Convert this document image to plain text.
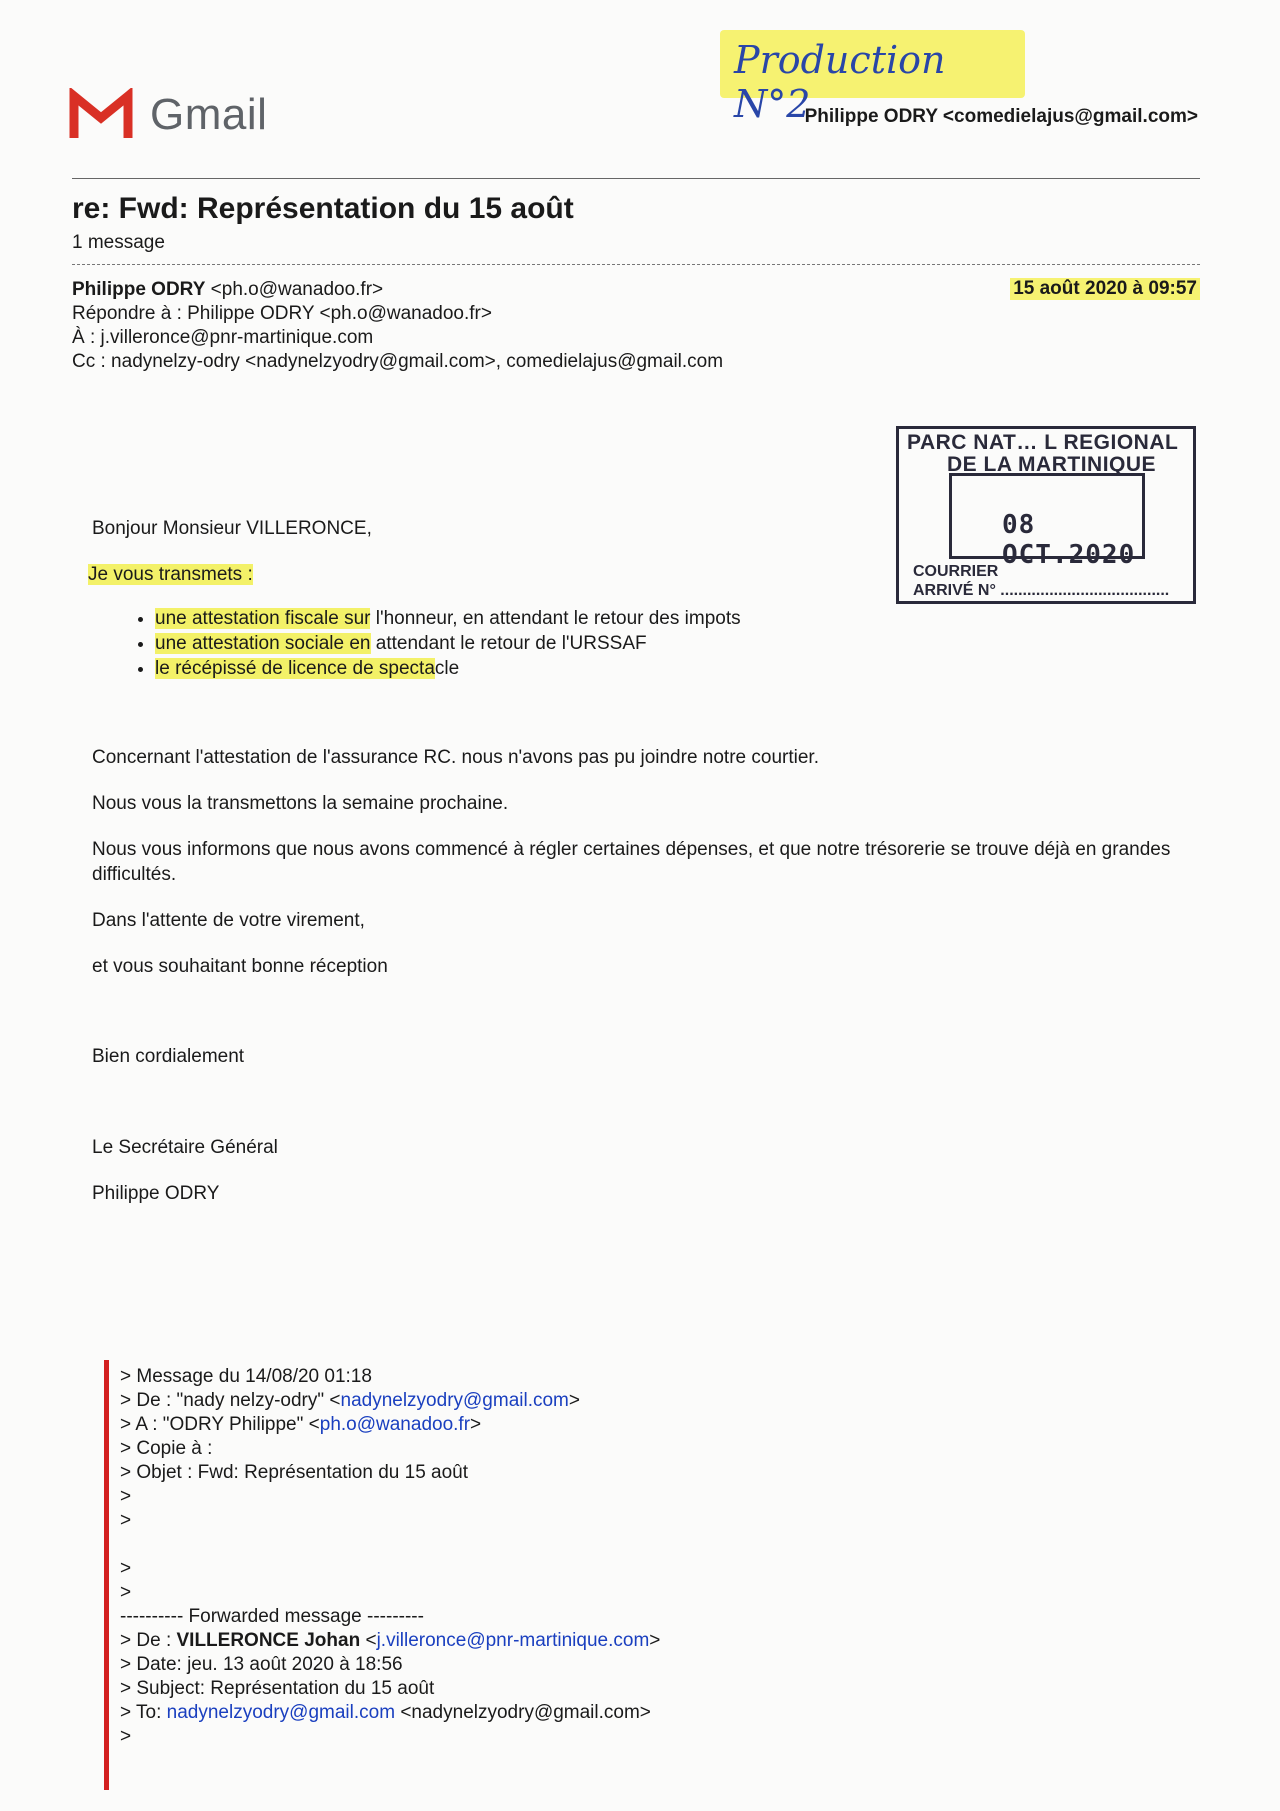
Gmail
Production N°2
Philippe ODRY <comedielajus@gmail.com>
re: Fwd: Représentation du 15 août
1 message
Philippe ODRY <ph.o@wanadoo.fr>
Répondre à : Philippe ODRY <ph.o@wanadoo.fr>
À : j.villeronce@pnr-martinique.com
Cc : nadynelzy-odry <nadynelzyodry@gmail.com>, comedielajus@gmail.com
15 août 2020 à 09:57
PARC NAT… L REGIONAL
DE LA MARTINIQUE
08 OCT.2020
COURRIER
ARRIVÉ N° ......................................
Bonjour Monsieur VILLERONCE,
Je vous transmets :
• une attestation fiscale sur l'honneur, en attendant le retour des impots
• une attestation sociale en attendant le retour de l'URSSAF
• le récépissé de licence de spectacle
Concernant l'attestation de l'assurance RC. nous n'avons pas pu joindre notre courtier.
Nous vous la transmettons la semaine prochaine.
Nous vous informons que nous avons commencé à régler certaines dépenses, et que notre trésorerie se trouve déjà en grandes difficultés.
Dans l'attente de votre virement,
et vous souhaitant bonne réception
Bien cordialement
Le Secrétaire Général
Philippe ODRY
> Message du 14/08/20 01:18
> De : "nady nelzy-odry" <nadynelzyodry@gmail.com>
> A : "ODRY Philippe" <ph.o@wanadoo.fr>
> Copie à :
> Objet : Fwd: Représentation du 15 août
>
>
>
>
---------- Forwarded message ---------
> De : VILLERONCE Johan <j.villeronce@pnr-martinique.com>
> Date: jeu. 13 août 2020 à 18:56
> Subject: Représentation du 15 août
> To: nadynelzyodry@gmail.com <nadynelzyodry@gmail.com>
>
